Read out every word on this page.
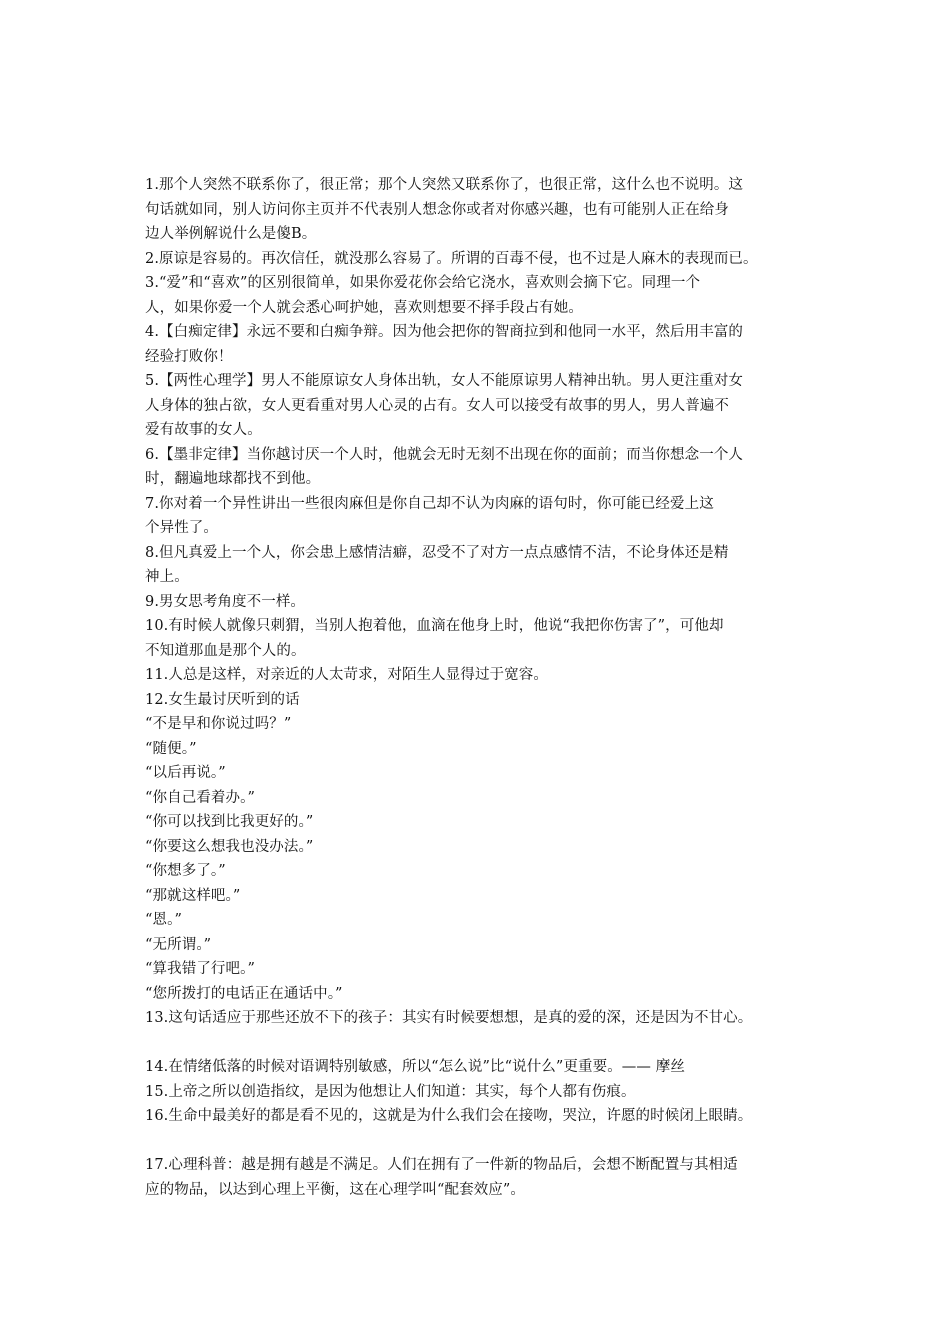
1.那个人突然不联系你了，很正常；那个人突然又联系你了，也很正常，这什么也不说明。这
句话就如同，别人访问你主页并不代表别人想念你或者对你感兴趣，也有可能别人正在给身
边人举例解说什么是傻B。
2.原谅是容易的。再次信任，就没那么容易了。所谓的百毒不侵，也不过是人麻木的表现而已。
3.“爱”和“喜欢”的区别很简单，如果你爱花你会给它浇水，喜欢则会摘下它。同理一个
人，如果你爱一个人就会悉心呵护她，喜欢则想要不择手段占有她。
4.【白痴定律】永远不要和白痴争辩。因为他会把你的智商拉到和他同一水平，然后用丰富的
经验打败你！
5.【两性心理学】男人不能原谅女人身体出轨，女人不能原谅男人精神出轨。男人更注重对女
人身体的独占欲，女人更看重对男人心灵的占有。女人可以接受有故事的男人，男人普遍不
爱有故事的女人。
6.【墨非定律】当你越讨厌一个人时，他就会无时无刻不出现在你的面前；而当你想念一个人
时，翻遍地球都找不到他。
7.你对着一个异性讲出一些很肉麻但是你自己却不认为肉麻的语句时，你可能已经爱上这
个异性了。
8.但凡真爱上一个人，你会患上感情洁癖，忍受不了对方一点点感情不洁，不论身体还是精
神上。
9.男女思考角度不一样。
10.有时候人就像只刺猬，当别人抱着他，血滴在他身上时，他说“我把你伤害了”，可他却
不知道那血是那个人的。
11.人总是这样，对亲近的人太苛求，对陌生人显得过于宽容。
12.女生最讨厌听到的话
“不是早和你说过吗？”
“随便。”
“以后再说。”
“你自己看着办。”
“你可以找到比我更好的。”
“你要这么想我也没办法。”
“你想多了。”
“那就这样吧。”
“恩。”
“无所谓。”
“算我错了行吧。”
“您所拨打的电话正在通话中。”
13.这句话适应于那些还放不下的孩子：其实有时候要想想，是真的爱的深，还是因为不甘心。
14.在情绪低落的时候对语调特别敏感，所以“怎么说”比“说什么”更重要。—— 摩丝
15.上帝之所以创造指纹，是因为他想让人们知道：其实，每个人都有伤痕。
16.生命中最美好的都是看不见的，这就是为什么我们会在接吻，哭泣，许愿的时候闭上眼睛。
17.心理科普：越是拥有越是不满足。人们在拥有了一件新的物品后，会想不断配置与其相适
应的物品，以达到心理上平衡，这在心理学叫“配套效应”。
